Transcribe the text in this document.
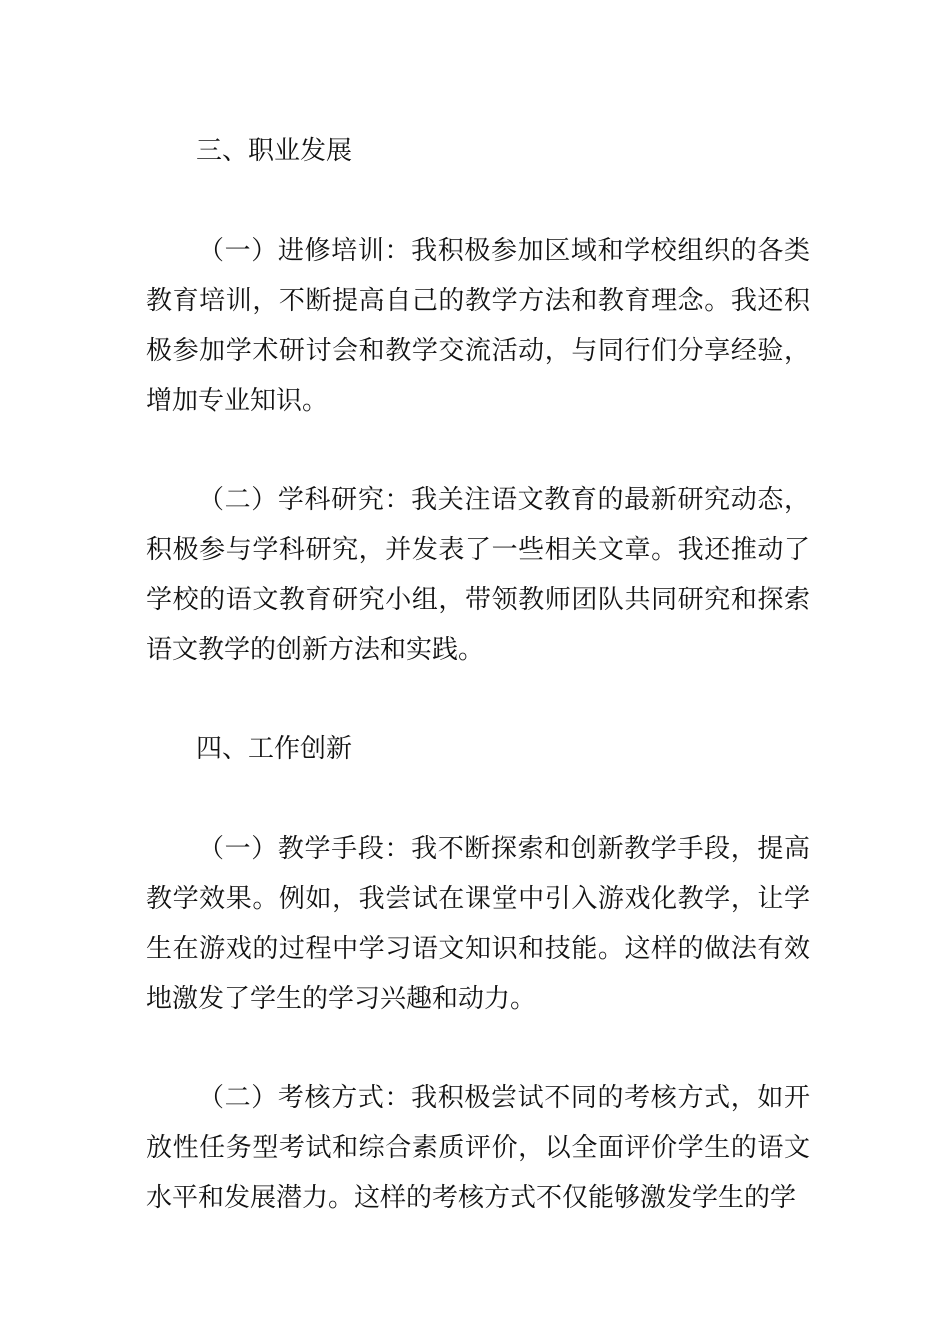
三、职业发展
（一）进修培训：我积极参加区域和学校组织的各类教育培训，不断提高自己的教学方法和教育理念。我还积极参加学术研讨会和教学交流活动，与同行们分享经验，增加专业知识。
（二）学科研究：我关注语文教育的最新研究动态，积极参与学科研究，并发表了一些相关文章。我还推动了学校的语文教育研究小组，带领教师团队共同研究和探索语文教学的创新方法和实践。
四、工作创新
（一）教学手段：我不断探索和创新教学手段，提高教学效果。例如，我尝试在课堂中引入游戏化教学，让学生在游戏的过程中学习语文知识和技能。这样的做法有效地激发了学生的学习兴趣和动力。
（二）考核方式：我积极尝试不同的考核方式，如开放性任务型考试和综合素质评价，以全面评价学生的语文水平和发展潜力。这样的考核方式不仅能够激发学生的学
